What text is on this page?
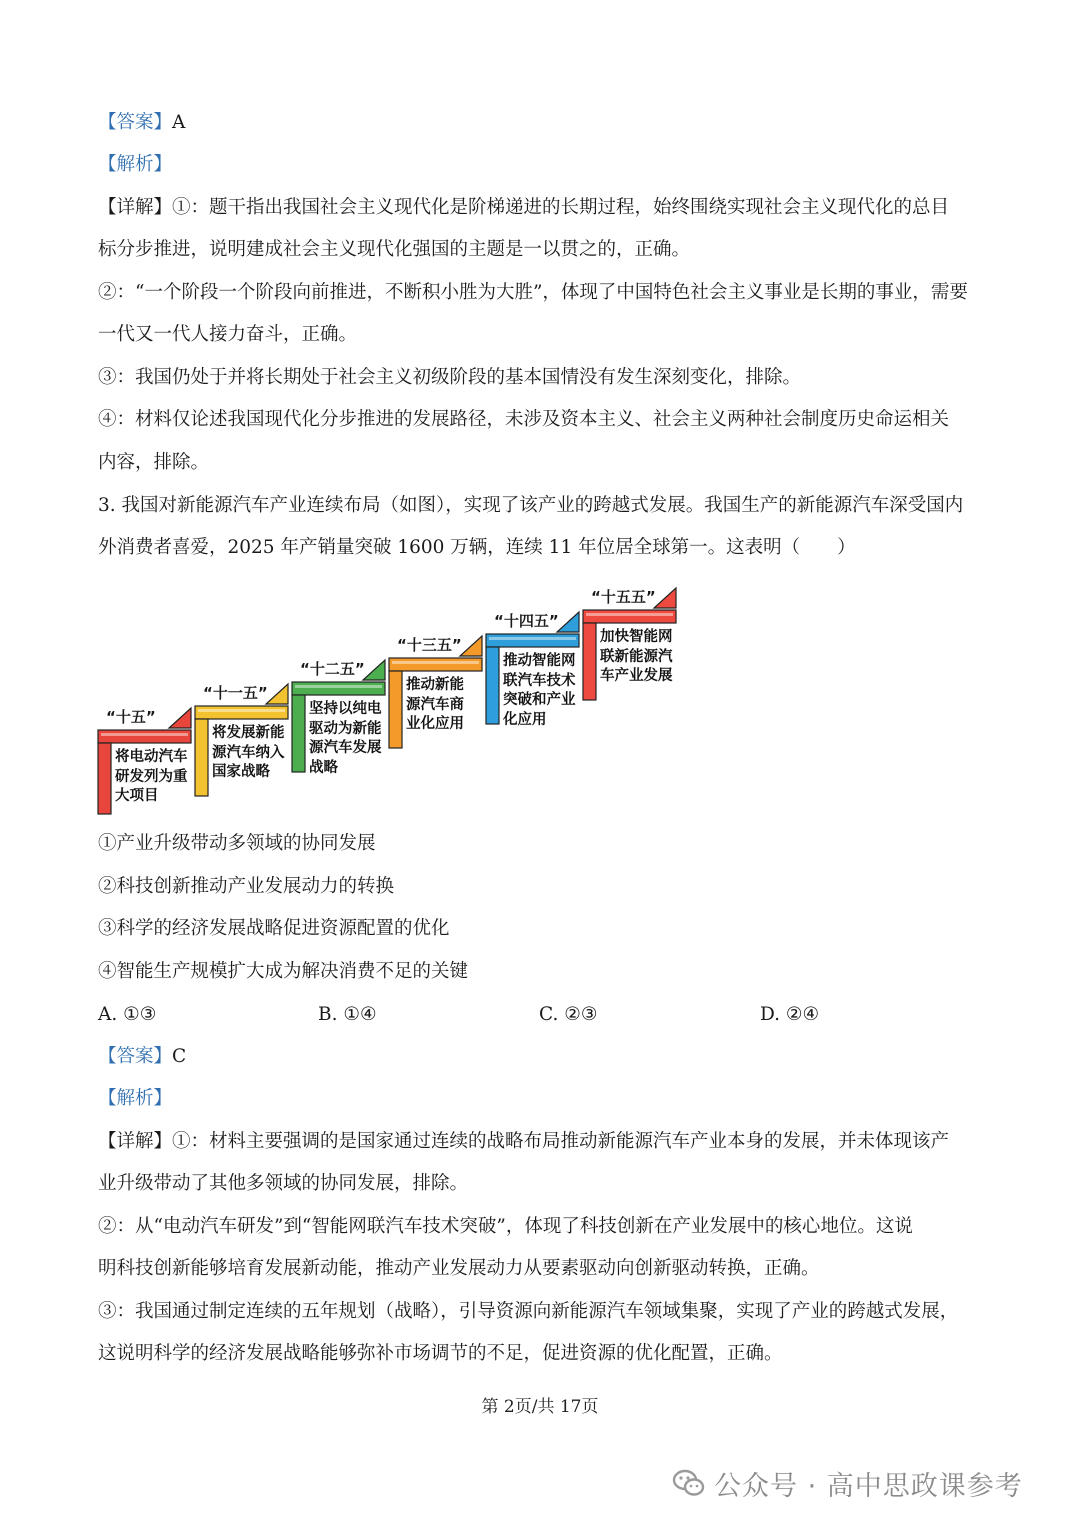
【答案】A
【解析】
【详解】①：题干指出我国社会主义现代化是阶梯递进的长期过程，始终围绕实现社会主义现代化的总目
标分步推进，说明建成社会主义现代化强国的主题是一以贯之的，正确。
②：“一个阶段一个阶段向前推进，不断积小胜为大胜”，体现了中国特色社会主义事业是长期的事业，需要
一代又一代人接力奋斗，正确。
③：我国仍处于并将长期处于社会主义初级阶段的基本国情没有发生深刻变化，排除。
④：材料仅论述我国现代化分步推进的发展路径，未涉及资本主义、社会主义两种社会制度历史命运相关
内容，排除。
3. 我国对新能源汽车产业连续布局（如图），实现了该产业的跨越式发展。我国生产的新能源汽车深受国内
外消费者喜爱，2025 年产销量突破 1600 万辆，连续 11 年位居全球第一。这表明（　　）
“十五”
将电动汽车
研发列为重
大项目
“十一五”
将发展新能
源汽车纳入
国家战略
“十二五”
坚持以纯电
驱动为新能
源汽车发展
战略
“十三五”
推动新能
源汽车商
业化应用
“十四五”
推动智能网
联汽车技术
突破和产业
化应用
“十五五”
加快智能网
联新能源汽
车产业发展
①产业升级带动多领域的协同发展
②科技创新推动产业发展动力的转换
③科学的经济发展战略促进资源配置的优化
④智能生产规模扩大成为解决消费不足的关键
A. ①③	B. ①④	C. ②③	D. ②④
【答案】C
【解析】
【详解】①：材料主要强调的是国家通过连续的战略布局推动新能源汽车产业本身的发展，并未体现该产
业升级带动了其他多领域的协同发展，排除。
②：从“电动汽车研发”到“智能网联汽车技术突破”，体现了科技创新在产业发展中的核心地位。这说
明科技创新能够培育发展新动能，推动产业发展动力从要素驱动向创新驱动转换，正确。
③：我国通过制定连续的五年规划（战略），引导资源向新能源汽车领域集聚，实现了产业的跨越式发展，
这说明科学的经济发展战略能够弥补市场调节的不足，促进资源的优化配置，正确。
第 2页/共 17页
公众号 · 高中思政课参考
